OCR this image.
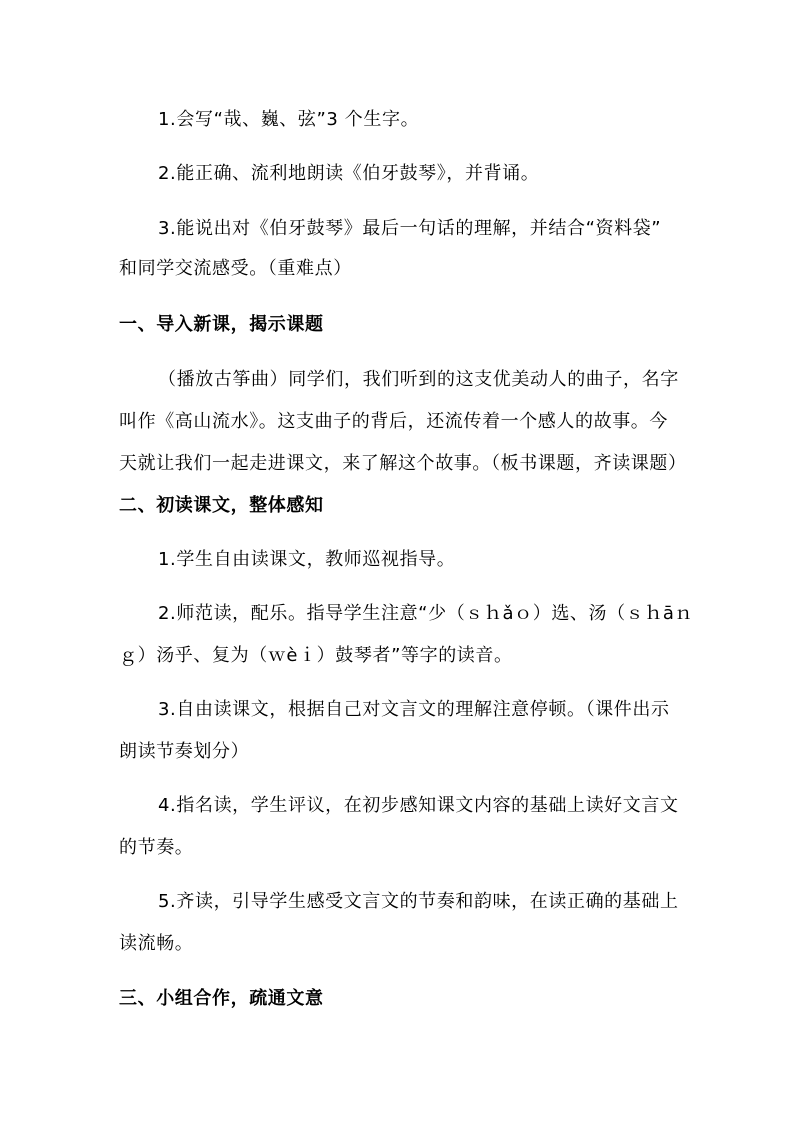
1.会写“哉、巍、弦”3 个生字。
2.能正确、流利地朗读《伯牙鼓琴》，并背诵。
3.能说出对《伯牙鼓琴》最后一句话的理解，并结合“资料袋”
和同学交流感受。（重难点）
一、导入新课，揭示课题
（播放古筝曲）同学们，我们听到的这支优美动人的曲子，名字
叫作《高山流水》。这支曲子的背后，还流传着一个感人的故事。今
天就让我们一起走进课文，来了解这个故事。（板书课题，齐读课题）
二、初读课文，整体感知
1.学生自由读课文，教师巡视指导。
2.师范读，配乐。指导学生注意“少（ｓｈǎｏ）选、汤（ｓｈāｎ
ｇ）汤乎、复为（ｗèｉ）鼓琴者”等字的读音。
3.自由读课文，根据自己对文言文的理解注意停顿。（课件出示
朗读节奏划分）
4.指名读，学生评议，在初步感知课文内容的基础上读好文言文
的节奏。
5.齐读，引导学生感受文言文的节奏和韵味，在读正确的基础上
读流畅。
三、小组合作，疏通文意
